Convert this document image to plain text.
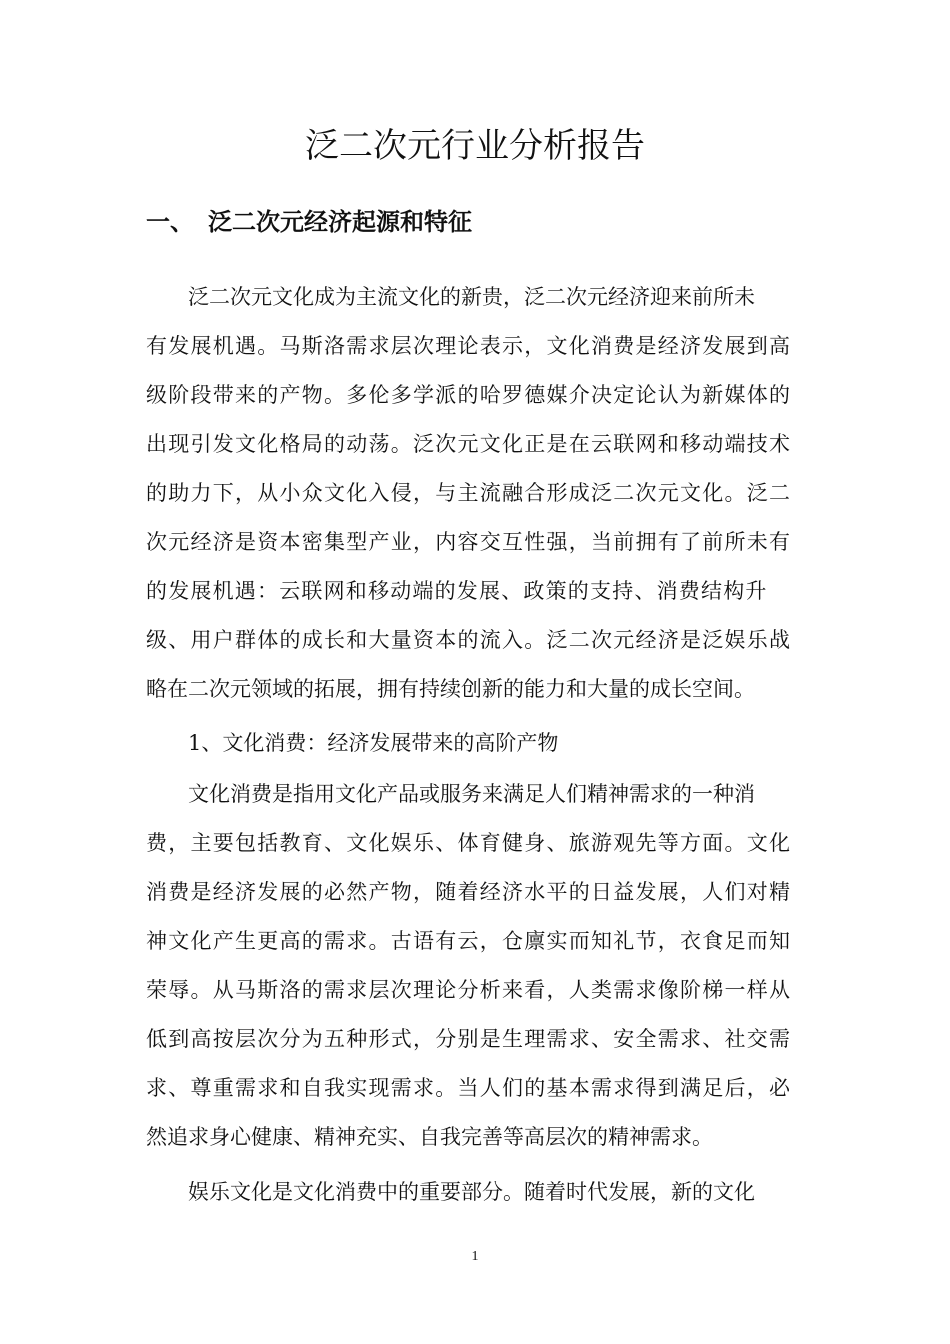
泛二次元行业分析报告
一、 泛二次元经济起源和特征

泛二次元文化成为主流文化的新贵，泛二次元经济迎来前所未

有发展机遇。马斯洛需求层次理论表示，文化消费是经济发展到高

级阶段带来的产物。多伦多学派的哈罗德媒介决定论认为新媒体的

出现引发文化格局的动荡。泛次元文化正是在云联网和移动端技术

的助力下，从小众文化入侵，与主流融合形成泛二次元文化。泛二

次元经济是资本密集型产业，内容交互性强，当前拥有了前所未有

的发展机遇：云联网和移动端的发展、政策的支持、消费结构升

级、用户群体的成长和大量资本的流入。泛二次元经济是泛娱乐战

略在二次元领域的拓展，拥有持续创新的能力和大量的成长空间。

1、文化消费：经济发展带来的高阶产物

文化消费是指用文化产品或服务来满足人们精神需求的一种消

费，主要包括教育、文化娱乐、体育健身、旅游观先等方面。文化

消费是经济发展的必然产物，随着经济水平的日益发展，人们对精

神文化产生更高的需求。古语有云，仓廪实而知礼节，衣食足而知

荣辱。从马斯洛的需求层次理论分析来看，人类需求像阶梯一样从

低到高按层次分为五种形式，分别是生理需求、安全需求、社交需

求、尊重需求和自我实现需求。当人们的基本需求得到满足后，必

然追求身心健康、精神充实、自我完善等高层次的精神需求。

娱乐文化是文化消费中的重要部分。随着时代发展，新的文化

1
